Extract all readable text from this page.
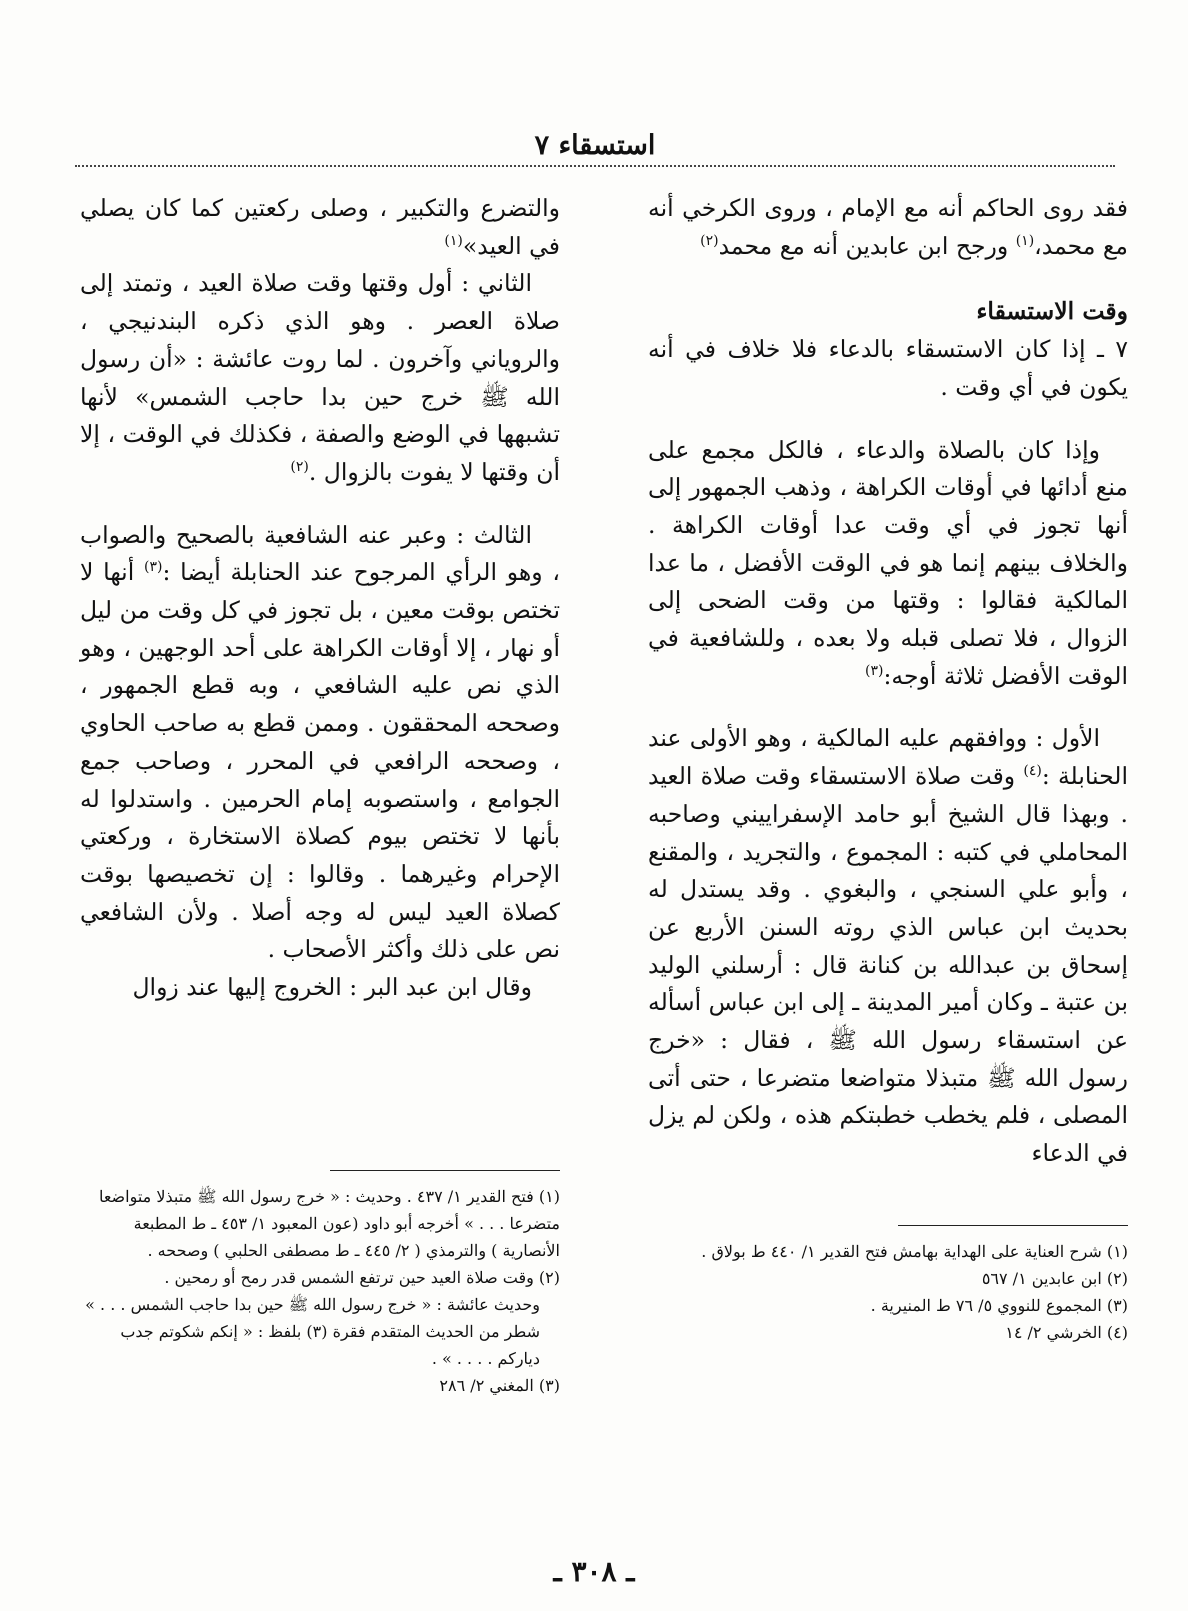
استسقاء ٧

فقد روى الحاكم أنه مع الإمام ، وروى الكرخي أنه مع محمد،$^{(١)}$ ورجح ابن عابدين أنه مع محمد$^{(٢)}$

وقت الاستسقاء

٧ ـ إذا كان الاستسقاء بالدعاء فلا خلاف في أنه يكون في أي وقت .

وإذا كان بالصلاة والدعاء ، فالكل مجمع على منع أدائها في أوقات الكراهة ، وذهب الجمهور إلى أنها تجوز في أي وقت عدا أوقات الكراهة . والخلاف بينهم إنما هو في الوقت الأفضل ، ما عدا المالكية فقالوا : وقتها من وقت الضحى إلى الزوال ، فلا تصلى قبله ولا بعده ، وللشافعية في الوقت الأفضل ثلاثة أوجه:$^{(٣)}$

الأول : ووافقهم عليه المالكية ، وهو الأولى عند الحنابلة :$^{(٤)}$ وقت صلاة الاستسقاء وقت صلاة العيد . وبهذا قال الشيخ أبو حامد الإسفراييني وصاحبه المحاملي في كتبه : المجموع ، والتجريد ، والمقنع ، وأبو علي السنجي ، والبغوي . وقد يستدل له بحديث ابن عباس الذي روته السنن الأربع عن إسحاق بن عبدالله بن كنانة قال : أرسلني الوليد بن عتبة ـ وكان أمير المدينة ـ إلى ابن عباس أسأله عن استسقاء رسول الله ﷺ ، فقال : «خرج رسول الله ﷺ متبذلا متواضعا متضرعا ، حتى أتى المصلى ، فلم يخطب خطبتكم هذه ، ولكن لم يزل في الدعاء

والتضرع والتكبير ، وصلى ركعتين كما كان يصلي في العيد»$^{(١)}$

الثاني : أول وقتها وقت صلاة العيد ، وتمتد إلى صلاة العصر . وهو الذي ذكره البندنيجي ، والروياني وآخرون . لما روت عائشة : «أن رسول الله ﷺ خرج حين بدا حاجب الشمس» لأنها تشبهها في الوضع والصفة ، فكذلك في الوقت ، إلا أن وقتها لا يفوت بالزوال .$^{(٢)}$

الثالث : وعبر عنه الشافعية بالصحيح والصواب ، وهو الرأي المرجوح عند الحنابلة أيضا :$^{(٣)}$ أنها لا تختص بوقت معين ، بل تجوز في كل وقت من ليل أو نهار ، إلا أوقات الكراهة على أحد الوجهين ، وهو الذي نص عليه الشافعي ، وبه قطع الجمهور ، وصححه المحققون . وممن قطع به صاحب الحاوي ، وصححه الرافعي في المحرر ، وصاحب جمع الجوامع ، واستصوبه إمام الحرمين . واستدلوا له بأنها لا تختص بيوم كصلاة الاستخارة ، وركعتي الإحرام وغيرهما . وقالوا : إن تخصيصها بوقت كصلاة العيد ليس له وجه أصلا . ولأن الشافعي نص على ذلك وأكثر الأصحاب .

وقال ابن عبد البر : الخروج إليها عند زوال

(١) شرح العناية على الهداية بهامش فتح القدير ١/ ٤٤٠ ط بولاق .
(٢) ابن عابدين ١/ ٥٦٧
(٣) المجموع للنووي ٥/ ٧٦ ط المنيرية .
(٤) الخرشي ٢/ ١٤
(١) فتح القدير ١/ ٤٣٧ . وحديث : « خرج رسول الله ﷺ متبذلا متواضعا متضرعا . . . » أخرجه أبو داود (عون المعبود ١/ ٤٥٣ ـ ط المطبعة الأنصارية ) والترمذي ( ٢/ ٤٤٥ ـ ط مصطفى الحلبي ) وصححه .
(٢) وقت صلاة العيد حين ترتفع الشمس قدر رمح أو رمحين .
وحديث عائشة : « خرج رسول الله ﷺ حين بدا حاجب الشمس . . . » شطر من الحديث المتقدم فقرة (٣) بلفظ : « إنكم شكوتم جدب دياركم . . . . » .
(٣) المغني ٢/ ٢٨٦
ـ ٣٠٨ ـ
